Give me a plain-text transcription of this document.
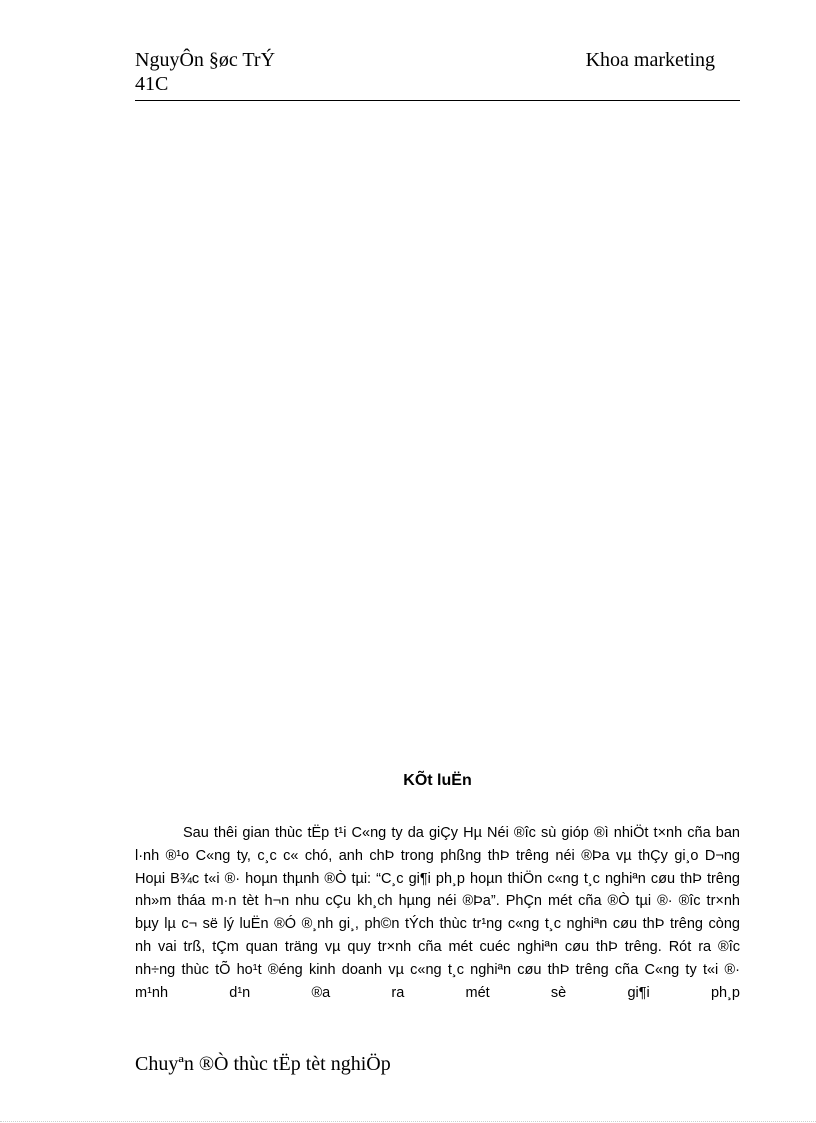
NguyÔn §øc TrÝ
41C
Khoa marketing
KÕt luËn
Sau thêi gian thùc tËp t¹i C«ng ty da giÇy Hµ Néi ®îc sù gióp ®ì nhiÖt t×nh cña ban l·nh ®¹o C«ng ty, c¸c c« chó, anh chÞ trong phßng thÞ trêng néi ®Þa vµ thÇy gi¸o D¬ng Hoµi B¾c t«i ®· hoµn thµnh ®Ò tµi: “C¸c gi¶i ph¸p hoµn thiÖn c«ng t¸c nghiªn cøu thÞ trêng nh»m tháa m·n tèt h¬n nhu cÇu kh¸ch hµng néi ®Þa”. PhÇn mét cña ®Ò tµi ®· ®îc tr×nh bµy lµ c¬ së lý luËn ®Ó ®¸nh gi¸, ph©n tÝch thùc tr¹ng c«ng t¸c nghiªn cøu thÞ trêng còng nh vai trß, tÇm quan träng vµ quy tr×nh cña mét cuéc nghiªn cøu thÞ trêng. Rót ra ®îc nh÷ng thùc tÕ ho¹t ®éng kinh doanh vµ c«ng t¸c nghiªn cøu thÞ trêng cña C«ng ty t«i ®· m¹nh d¹n ®a ra mét sè gi¶i ph¸p
Chuyªn ®Ò thùc tËp tèt nghiÖp
